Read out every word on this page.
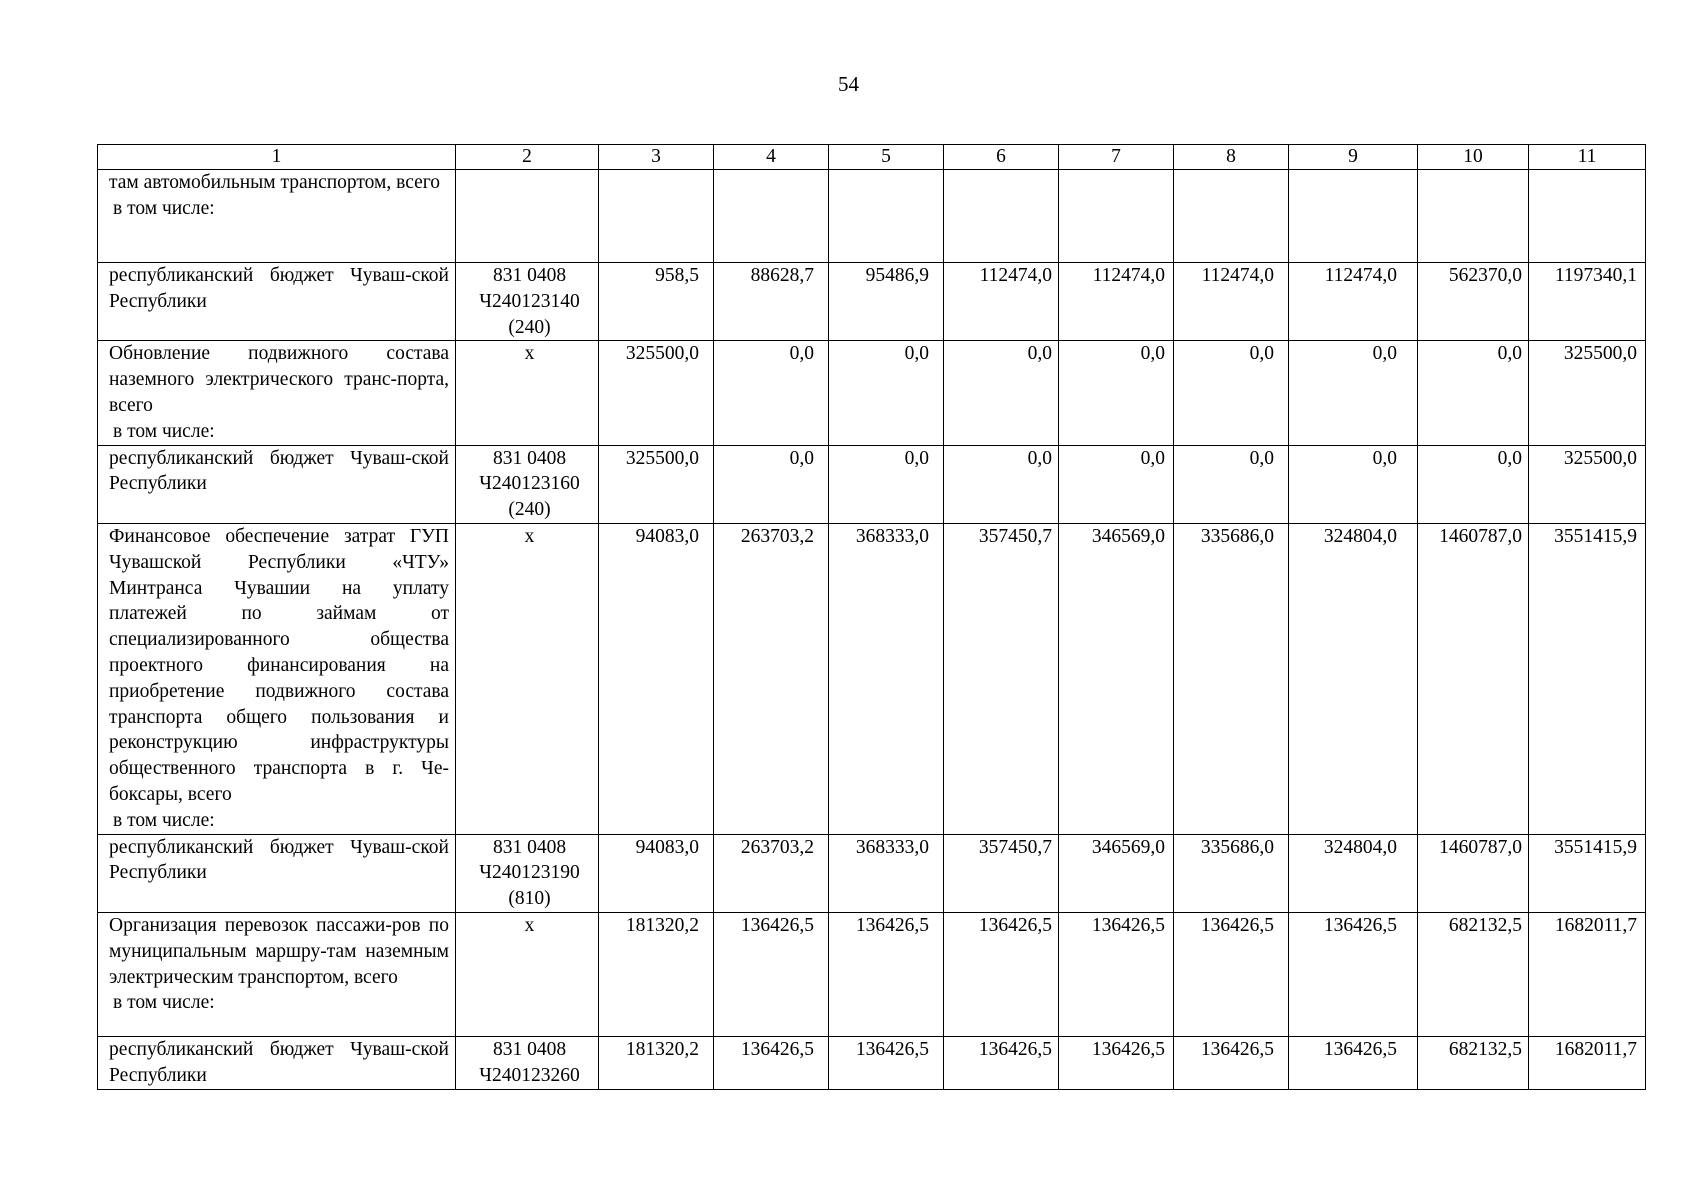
54
1	2	3	4	5	6	7	8	9	10	11

там автомобильным транспортом, всего
в том числе:										

республиканский бюджет Чуваш-ской Республики	831 0408
Ч240123140
(240)	958,5	88628,7	95486,9	112474,0	112474,0	112474,0	112474,0	562370,0	1197340,1

Обновление подвижного состава наземного электрического транс-порта, всего
в том числе:	x	325500,0	0,0	0,0	0,0	0,0	0,0	0,0	0,0	325500,0

республиканский бюджет Чуваш-ской Республики	831 0408
Ч240123160
(240)	325500,0	0,0	0,0	0,0	0,0	0,0	0,0	0,0	325500,0

Финансовое обеспечение затрат ГУП Чувашской Республики «ЧТУ» Минтранса Чувашии на уплату платежей по займам от специализированного общества проектного финансирования на приобретение подвижного состава транспорта общего пользования и реконструкцию инфраструктуры общественного транспорта в г. Че-боксары, всего
в том числе:	x	94083,0	263703,2	368333,0	357450,7	346569,0	335686,0	324804,0	1460787,0	3551415,9

республиканский бюджет Чуваш-ской Республики	831 0408
Ч240123190
(810)	94083,0	263703,2	368333,0	357450,7	346569,0	335686,0	324804,0	1460787,0	3551415,9

Организация перевозок пассажи-ров по муниципальным маршру-там наземным электрическим транспортом, всего
в том числе:	x	181320,2	136426,5	136426,5	136426,5	136426,5	136426,5	136426,5	682132,5	1682011,7

республиканский бюджет Чуваш-ской Республики	831 0408
Ч240123260	181320,2	136426,5	136426,5	136426,5	136426,5	136426,5	136426,5	682132,5	1682011,7
